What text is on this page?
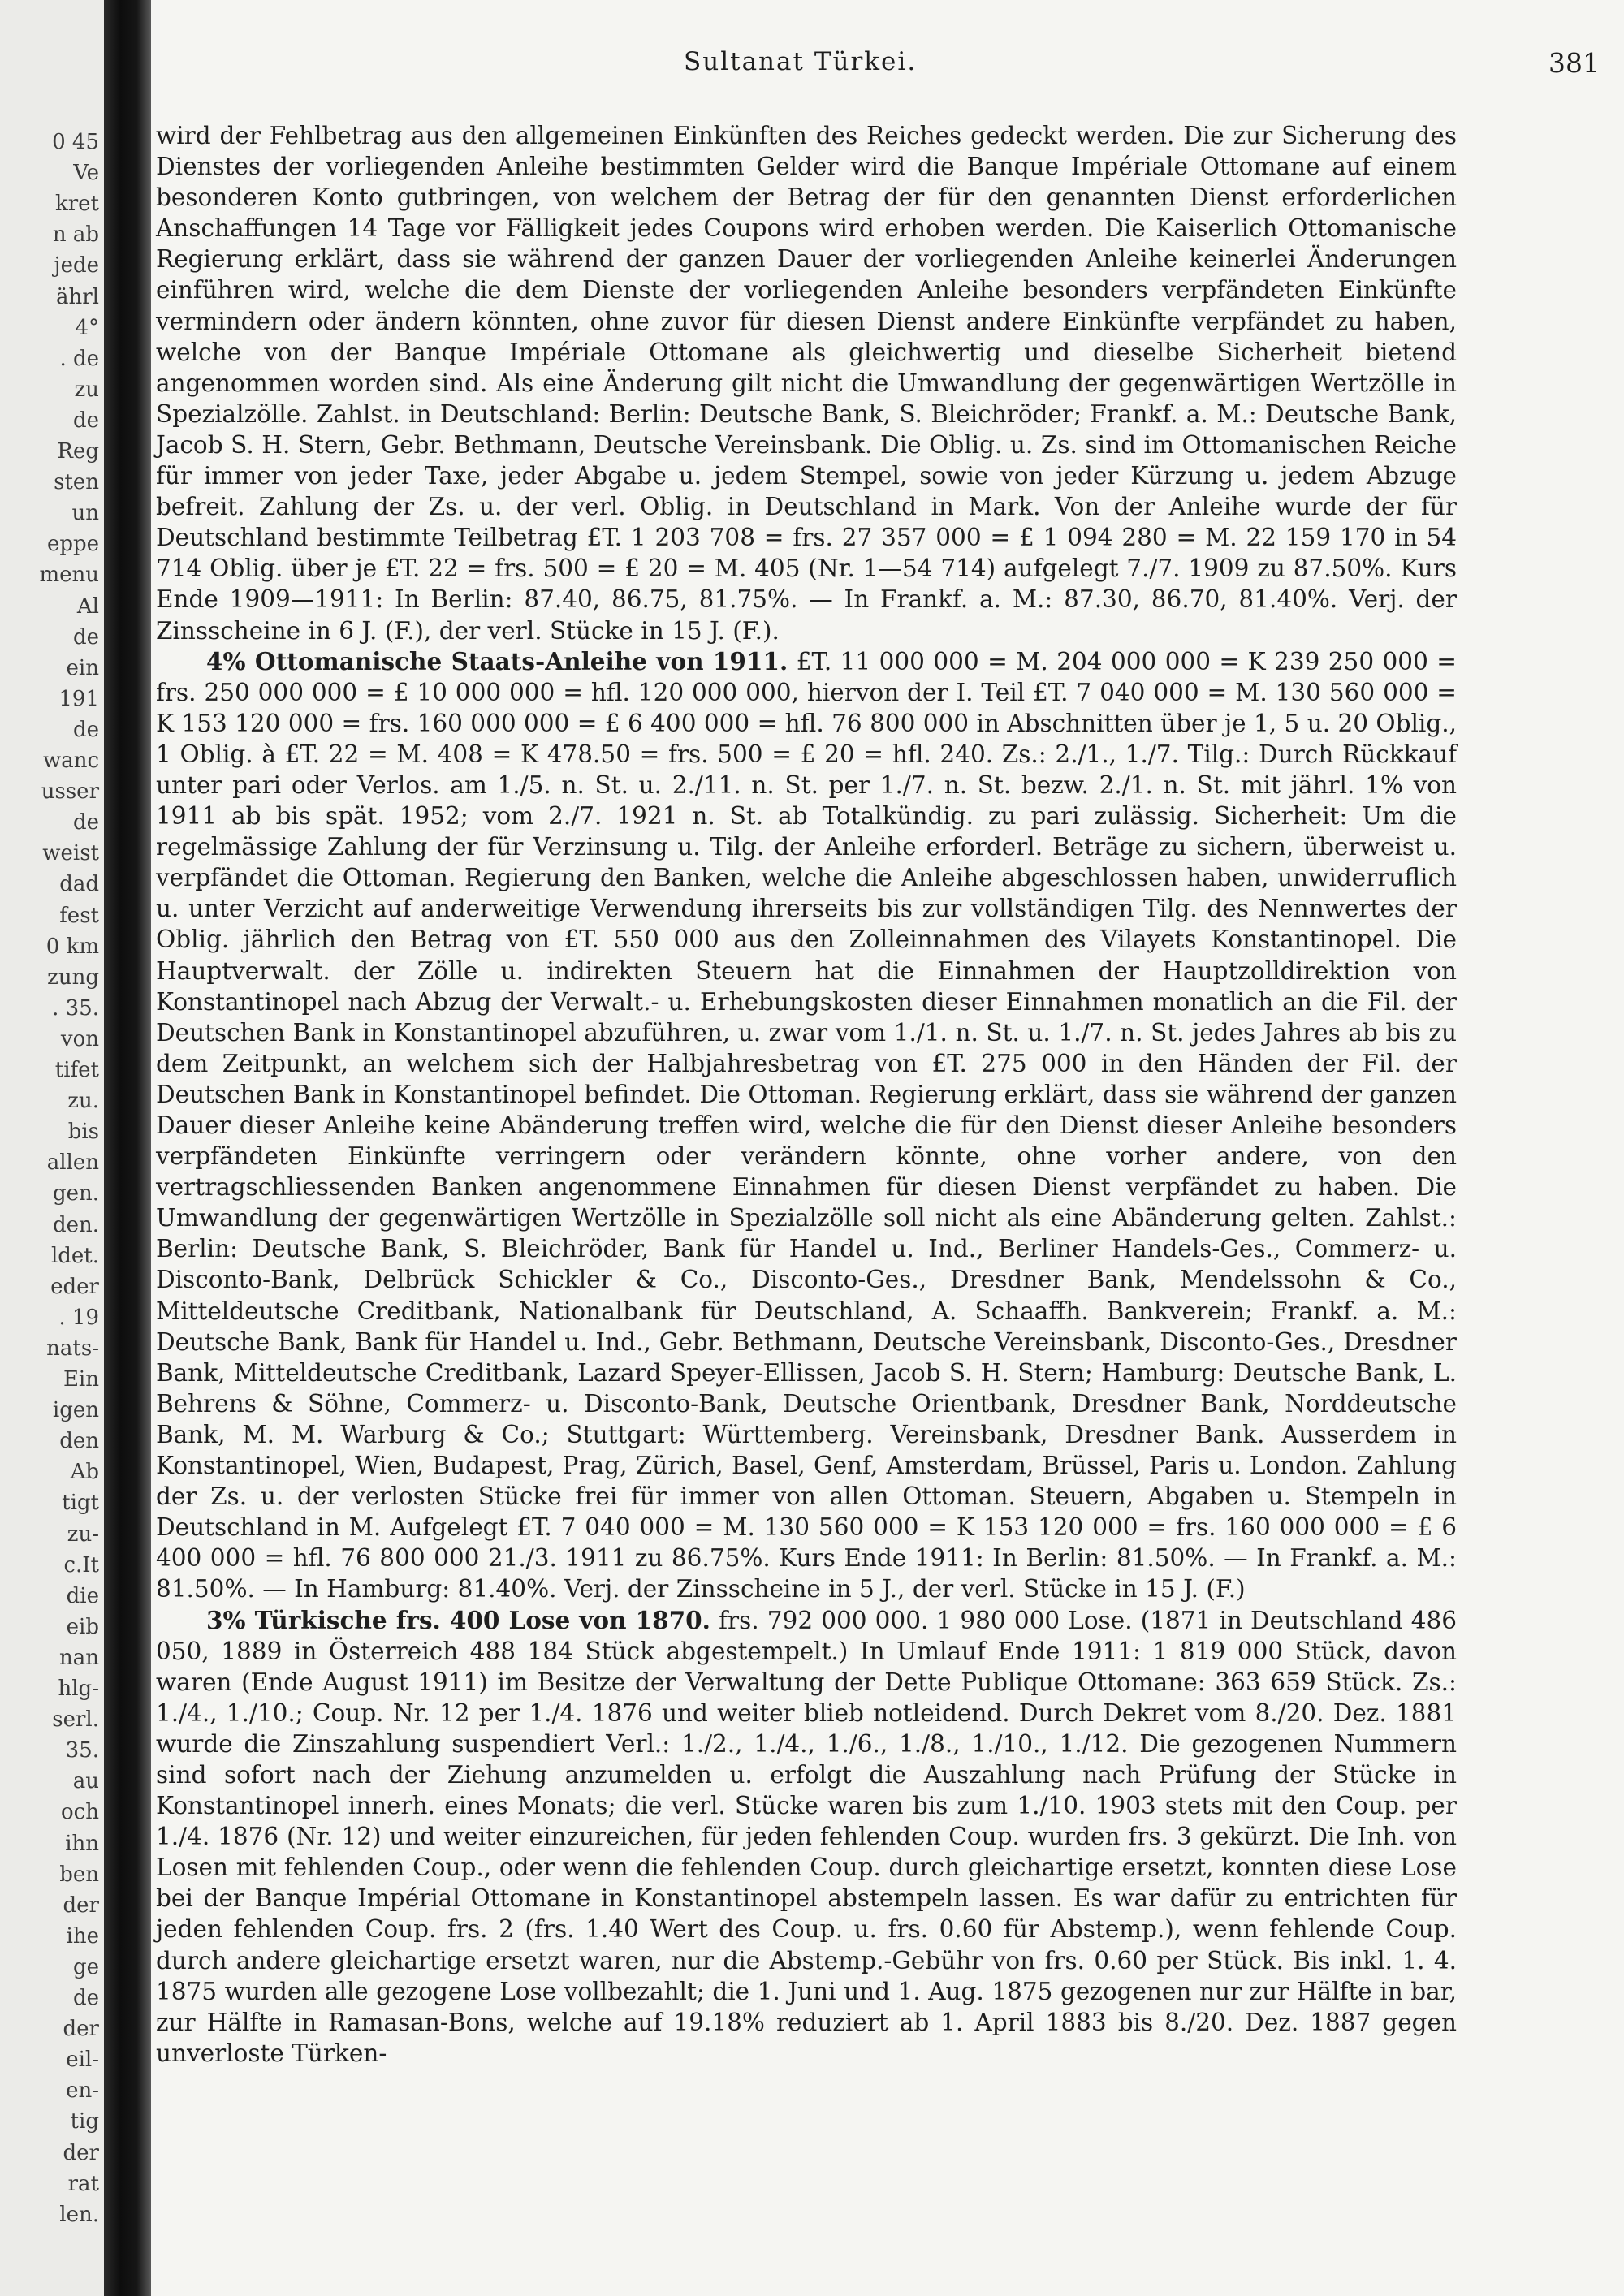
0 45
Ve
kret
n ab
jede
ährl
4°
. de
zu
de
Reg
sten
un
eppe
menu
Al
de
ein
191
de
wanc
usser
de
weist
dad
fest
0 km
zung
. 35.
von
tifet
zu.
bis
allen
gen.
den.
ldet.
eder
. 19
nats-
Ein
igen
den
Ab
tigt
zu-
c.It
die
eib
nan
hlg-
serl.
35.
au
och
ihn
ben
der
ihe
ge
de
der
eil-
en-
tig
der
rat
len.
Sultanat Türkei.	381

wird der Fehlbetrag aus den allgemeinen Einkünften des Reiches gedeckt werden. Die zur Sicherung des Dienstes der vorliegenden Anleihe bestimmten Gelder wird die Banque Impériale Ottomane auf einem besonderen Konto gutbringen, von welchem der Betrag der für den genannten Dienst erforderlichen Anschaffungen 14 Tage vor Fälligkeit jedes Coupons wird erhoben werden. Die Kaiserlich Ottomanische Regierung erklärt, dass sie während der ganzen Dauer der vorliegenden Anleihe keinerlei Änderungen einführen wird, welche die dem Dienste der vorliegenden Anleihe besonders verpfändeten Einkünfte vermindern oder ändern könnten, ohne zuvor für diesen Dienst andere Einkünfte verpfändet zu haben, welche von der Banque Impériale Ottomane als gleichwertig und dieselbe Sicherheit bietend angenommen worden sind. Als eine Änderung gilt nicht die Umwandlung der gegenwärtigen Wertzölle in Spezialzölle. Zahlst. in Deutschland: Berlin: Deutsche Bank, S. Bleichröder; Frankf. a. M.: Deutsche Bank, Jacob S. H. Stern, Gebr. Bethmann, Deutsche Vereinsbank. Die Oblig. u. Zs. sind im Ottomanischen Reiche für immer von jeder Taxe, jeder Abgabe u. jedem Stempel, sowie von jeder Kürzung u. jedem Abzuge befreit. Zahlung der Zs. u. der verl. Oblig. in Deutschland in Mark. Von der Anleihe wurde der für Deutschland bestimmte Teilbetrag £T. 1 203 708 = frs. 27 357 000 = £ 1 094 280 = M. 22 159 170 in 54 714 Oblig. über je £T. 22 = frs. 500 = £ 20 = M. 405 (Nr. 1—54 714) aufgelegt 7./7. 1909 zu 87.50%. Kurs Ende 1909—1911: In Berlin: 87.40, 86.75, 81.75%. — In Frankf. a. M.: 87.30, 86.70, 81.40%. Verj. der Zinsscheine in 6 J. (F.), der verl. Stücke in 15 J. (F.).

4% Ottomanische Staats-Anleihe von 1911. £T. 11 000 000 = M. 204 000 000 = K 239 250 000 = frs. 250 000 000 = £ 10 000 000 = hfl. 120 000 000, hiervon der I. Teil £T. 7 040 000 = M. 130 560 000 = K 153 120 000 = frs. 160 000 000 = £ 6 400 000 = hfl. 76 800 000 in Abschnitten über je 1, 5 u. 20 Oblig., 1 Oblig. à £T. 22 = M. 408 = K 478.50 = frs. 500 = £ 20 = hfl. 240. Zs.: 2./1., 1./7. Tilg.: Durch Rückkauf unter pari oder Verlos. am 1./5. n. St. u. 2./11. n. St. per 1./7. n. St. bezw. 2./1. n. St. mit jährl. 1% von 1911 ab bis spät. 1952; vom 2./7. 1921 n. St. ab Totalkündig. zu pari zulässig. Sicherheit: Um die regelmässige Zahlung der für Verzinsung u. Tilg. der Anleihe erforderl. Beträge zu sichern, überweist u. verpfändet die Ottoman. Regierung den Banken, welche die Anleihe abgeschlossen haben, unwiderruflich u. unter Verzicht auf anderweitige Verwendung ihrerseits bis zur vollständigen Tilg. des Nennwertes der Oblig. jährlich den Betrag von £T. 550 000 aus den Zolleinnahmen des Vilayets Konstantinopel. Die Hauptverwalt. der Zölle u. indirekten Steuern hat die Einnahmen der Hauptzolldirektion von Konstantinopel nach Abzug der Verwalt.- u. Erhebungskosten dieser Einnahmen monatlich an die Fil. der Deutschen Bank in Konstantinopel abzuführen, u. zwar vom 1./1. n. St. u. 1./7. n. St. jedes Jahres ab bis zu dem Zeitpunkt, an welchem sich der Halbjahresbetrag von £T. 275 000 in den Händen der Fil. der Deutschen Bank in Konstantinopel befindet. Die Ottoman. Regierung erklärt, dass sie während der ganzen Dauer dieser Anleihe keine Abänderung treffen wird, welche die für den Dienst dieser Anleihe besonders verpfändeten Einkünfte verringern oder verändern könnte, ohne vorher andere, von den vertragschliessenden Banken angenommene Einnahmen für diesen Dienst verpfändet zu haben. Die Umwandlung der gegenwärtigen Wertzölle in Spezialzölle soll nicht als eine Abänderung gelten. Zahlst.: Berlin: Deutsche Bank, S. Bleichröder, Bank für Handel u. Ind., Berliner Handels-Ges., Commerz- u. Disconto-Bank, Delbrück Schickler & Co., Disconto-Ges., Dresdner Bank, Mendelssohn & Co., Mitteldeutsche Creditbank, Nationalbank für Deutschland, A. Schaaffh. Bankverein; Frankf. a. M.: Deutsche Bank, Bank für Handel u. Ind., Gebr. Bethmann, Deutsche Vereinsbank, Disconto-Ges., Dresdner Bank, Mitteldeutsche Creditbank, Lazard Speyer-Ellissen, Jacob S. H. Stern; Hamburg: Deutsche Bank, L. Behrens & Söhne, Commerz- u. Disconto-Bank, Deutsche Orientbank, Dresdner Bank, Norddeutsche Bank, M. M. Warburg & Co.; Stuttgart: Württemberg. Vereinsbank, Dresdner Bank. Ausserdem in Konstantinopel, Wien, Budapest, Prag, Zürich, Basel, Genf, Amsterdam, Brüssel, Paris u. London. Zahlung der Zs. u. der verlosten Stücke frei für immer von allen Ottoman. Steuern, Abgaben u. Stempeln in Deutschland in M. Aufgelegt £T. 7 040 000 = M. 130 560 000 = K 153 120 000 = frs. 160 000 000 = £ 6 400 000 = hfl. 76 800 000 21./3. 1911 zu 86.75%. Kurs Ende 1911: In Berlin: 81.50%. — In Frankf. a. M.: 81.50%. — In Hamburg: 81.40%. Verj. der Zinsscheine in 5 J., der verl. Stücke in 15 J. (F.)

3% Türkische frs. 400 Lose von 1870. frs. 792 000 000. 1 980 000 Lose. (1871 in Deutschland 486 050, 1889 in Österreich 488 184 Stück abgestempelt.) In Umlauf Ende 1911: 1 819 000 Stück, davon waren (Ende August 1911) im Besitze der Verwaltung der Dette Publique Ottomane: 363 659 Stück. Zs.: 1./4., 1./10.; Coup. Nr. 12 per 1./4. 1876 und weiter blieb notleidend. Durch Dekret vom 8./20. Dez. 1881 wurde die Zinszahlung suspendiert Verl.: 1./2., 1./4., 1./6., 1./8., 1./10., 1./12. Die gezogenen Nummern sind sofort nach der Ziehung anzumelden u. erfolgt die Auszahlung nach Prüfung der Stücke in Konstantinopel innerh. eines Monats; die verl. Stücke waren bis zum 1./10. 1903 stets mit den Coup. per 1./4. 1876 (Nr. 12) und weiter einzureichen, für jeden fehlenden Coup. wurden frs. 3 gekürzt. Die Inh. von Losen mit fehlenden Coup., oder wenn die fehlenden Coup. durch gleichartige ersetzt, konnten diese Lose bei der Banque Impérial Ottomane in Konstantinopel abstempeln lassen. Es war dafür zu entrichten für jeden fehlenden Coup. frs. 2 (frs. 1.40 Wert des Coup. u. frs. 0.60 für Abstemp.), wenn fehlende Coup. durch andere gleichartige ersetzt waren, nur die Abstemp.-Gebühr von frs. 0.60 per Stück. Bis inkl. 1. 4. 1875 wurden alle gezogene Lose vollbezahlt; die 1. Juni und 1. Aug. 1875 gezogenen nur zur Hälfte in bar, zur Hälfte in Ramasan-Bons, welche auf 19.18% reduziert ab 1. April 1883 bis 8./20. Dez. 1887 gegen unverloste Türken-
